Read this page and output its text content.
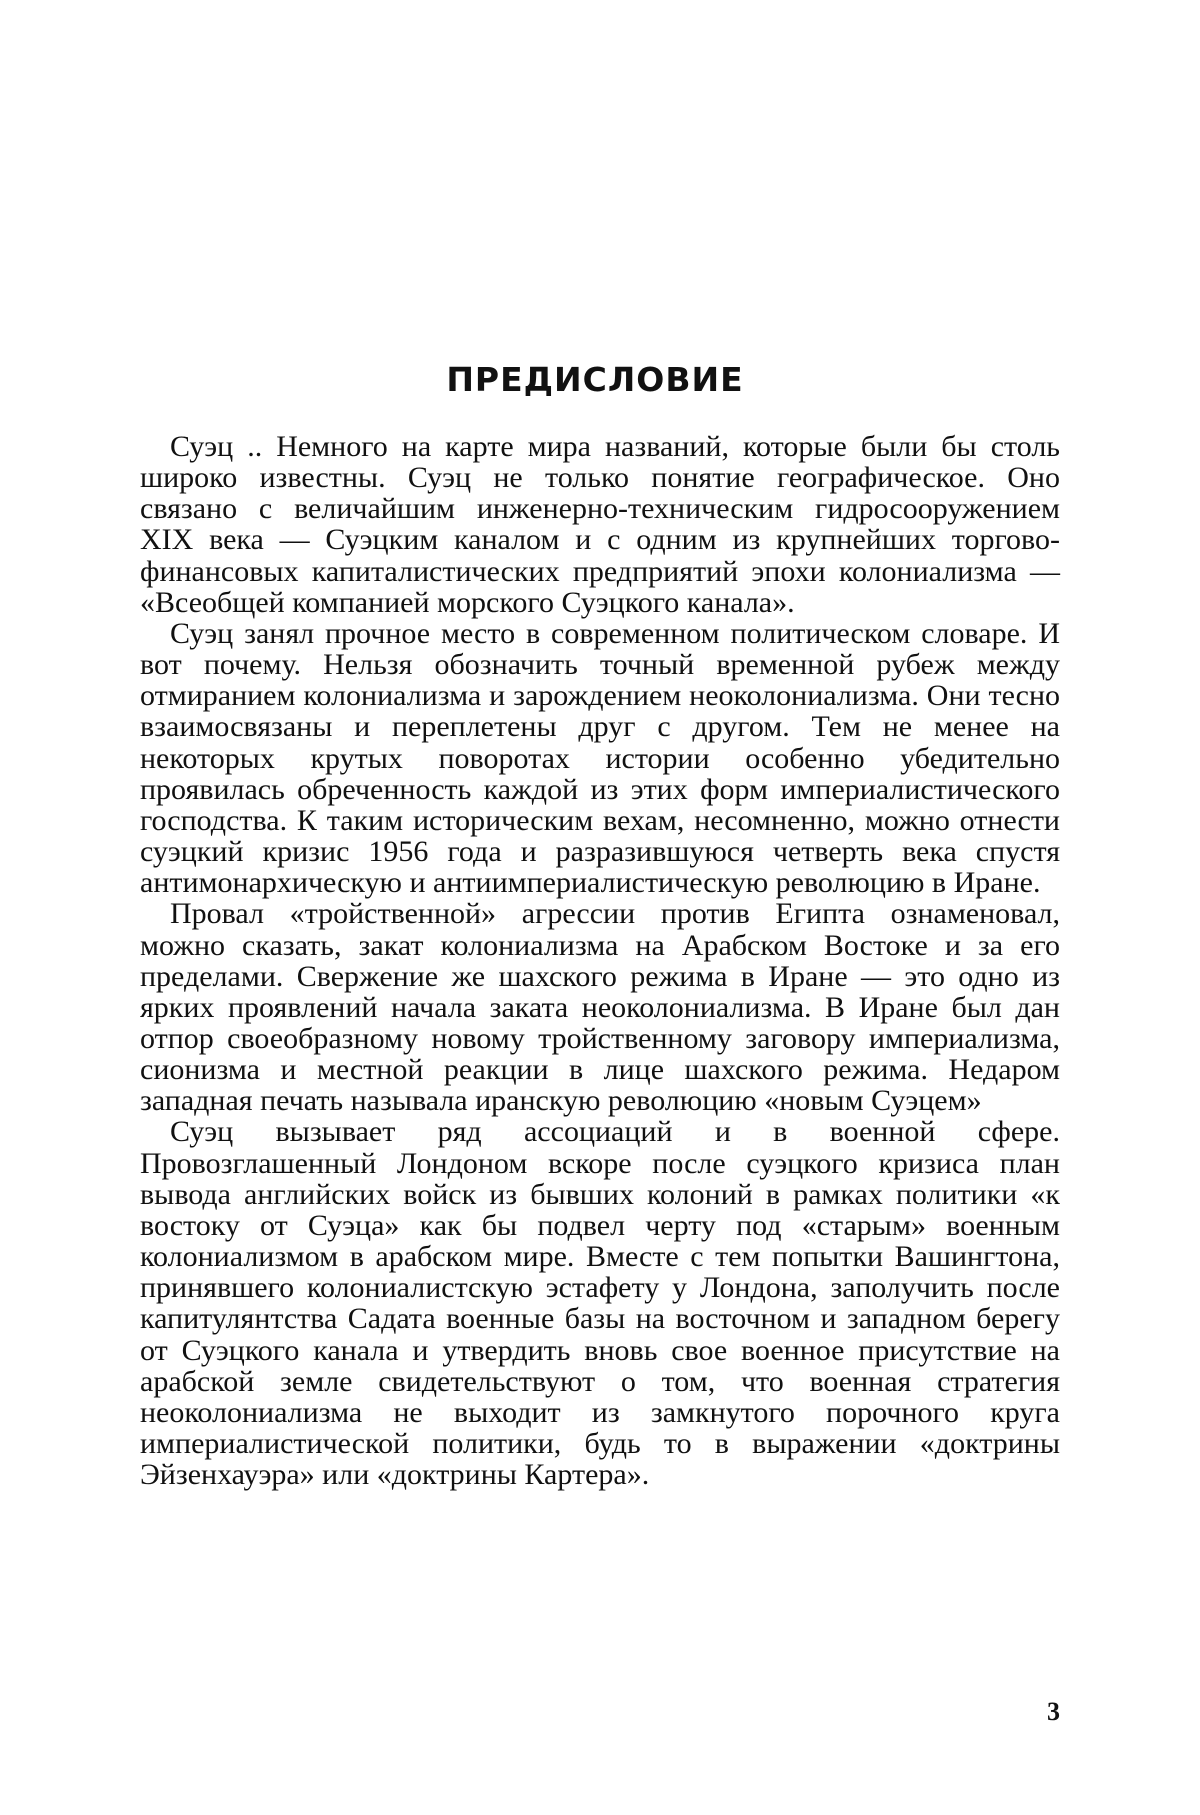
ПРЕДИСЛОВИЕ

Суэц .. Немного на карте мира названий, которые были бы столь широко известны. Суэц не только понятие географическое. Оно связано с величайшим инженерно-техническим гидросооружением XIX века — Суэцким каналом и с одним из крупнейших торгово-финансовых капиталистических предприятий эпохи колониализма — «Всеобщей компанией морского Суэцкого канала».

Суэц занял прочное место в современном политическом словаре. И вот почему. Нельзя обозначить точный временной рубеж между отмиранием колониализма и зарождением неоколониализма. Они тесно взаимосвязаны и переплетены друг с другом. Тем не менее на некоторых крутых поворотах истории особенно убедительно проявилась обреченность каждой из этих форм империалистического господства. К таким историческим вехам, несомненно, можно отнести суэцкий кризис 1956 года и разразившуюся четверть века спустя антимонархическую и антиимпериалистическую революцию в Иране.

Провал «тройственной» агрессии против Египта ознаменовал, можно сказать, закат колониализма на Арабском Востоке и за его пределами. Свержение же шахского режима в Иране — это одно из ярких проявлений начала заката неоколониализма. В Иране был дан отпор своеобразному новому тройственному заговору империализма, сионизма и местной реакции в лице шахского режима. Недаром западная печать называла иранскую революцию «новым Суэцем»

Суэц вызывает ряд ассоциаций и в военной сфере. Провозглашенный Лондоном вскоре после суэцкого кризиса план вывода английских войск из бывших колоний в рамках политики «к востоку от Суэца» как бы подвел черту под «старым» военным колониализмом в арабском мире. Вместе с тем попытки Вашингтона, принявшего колониалистскую эстафету у Лондона, заполучить после капитулянтства Садата военные базы на восточном и западном берегу от Суэцкого канала и утвердить вновь свое военное присутствие на арабской земле свидетельствуют о том, что военная стратегия неоколониализма не выходит из замкнутого порочного круга империалистической политики, будь то в выражении «доктрины Эйзенхауэра» или «доктрины Картера».

3
